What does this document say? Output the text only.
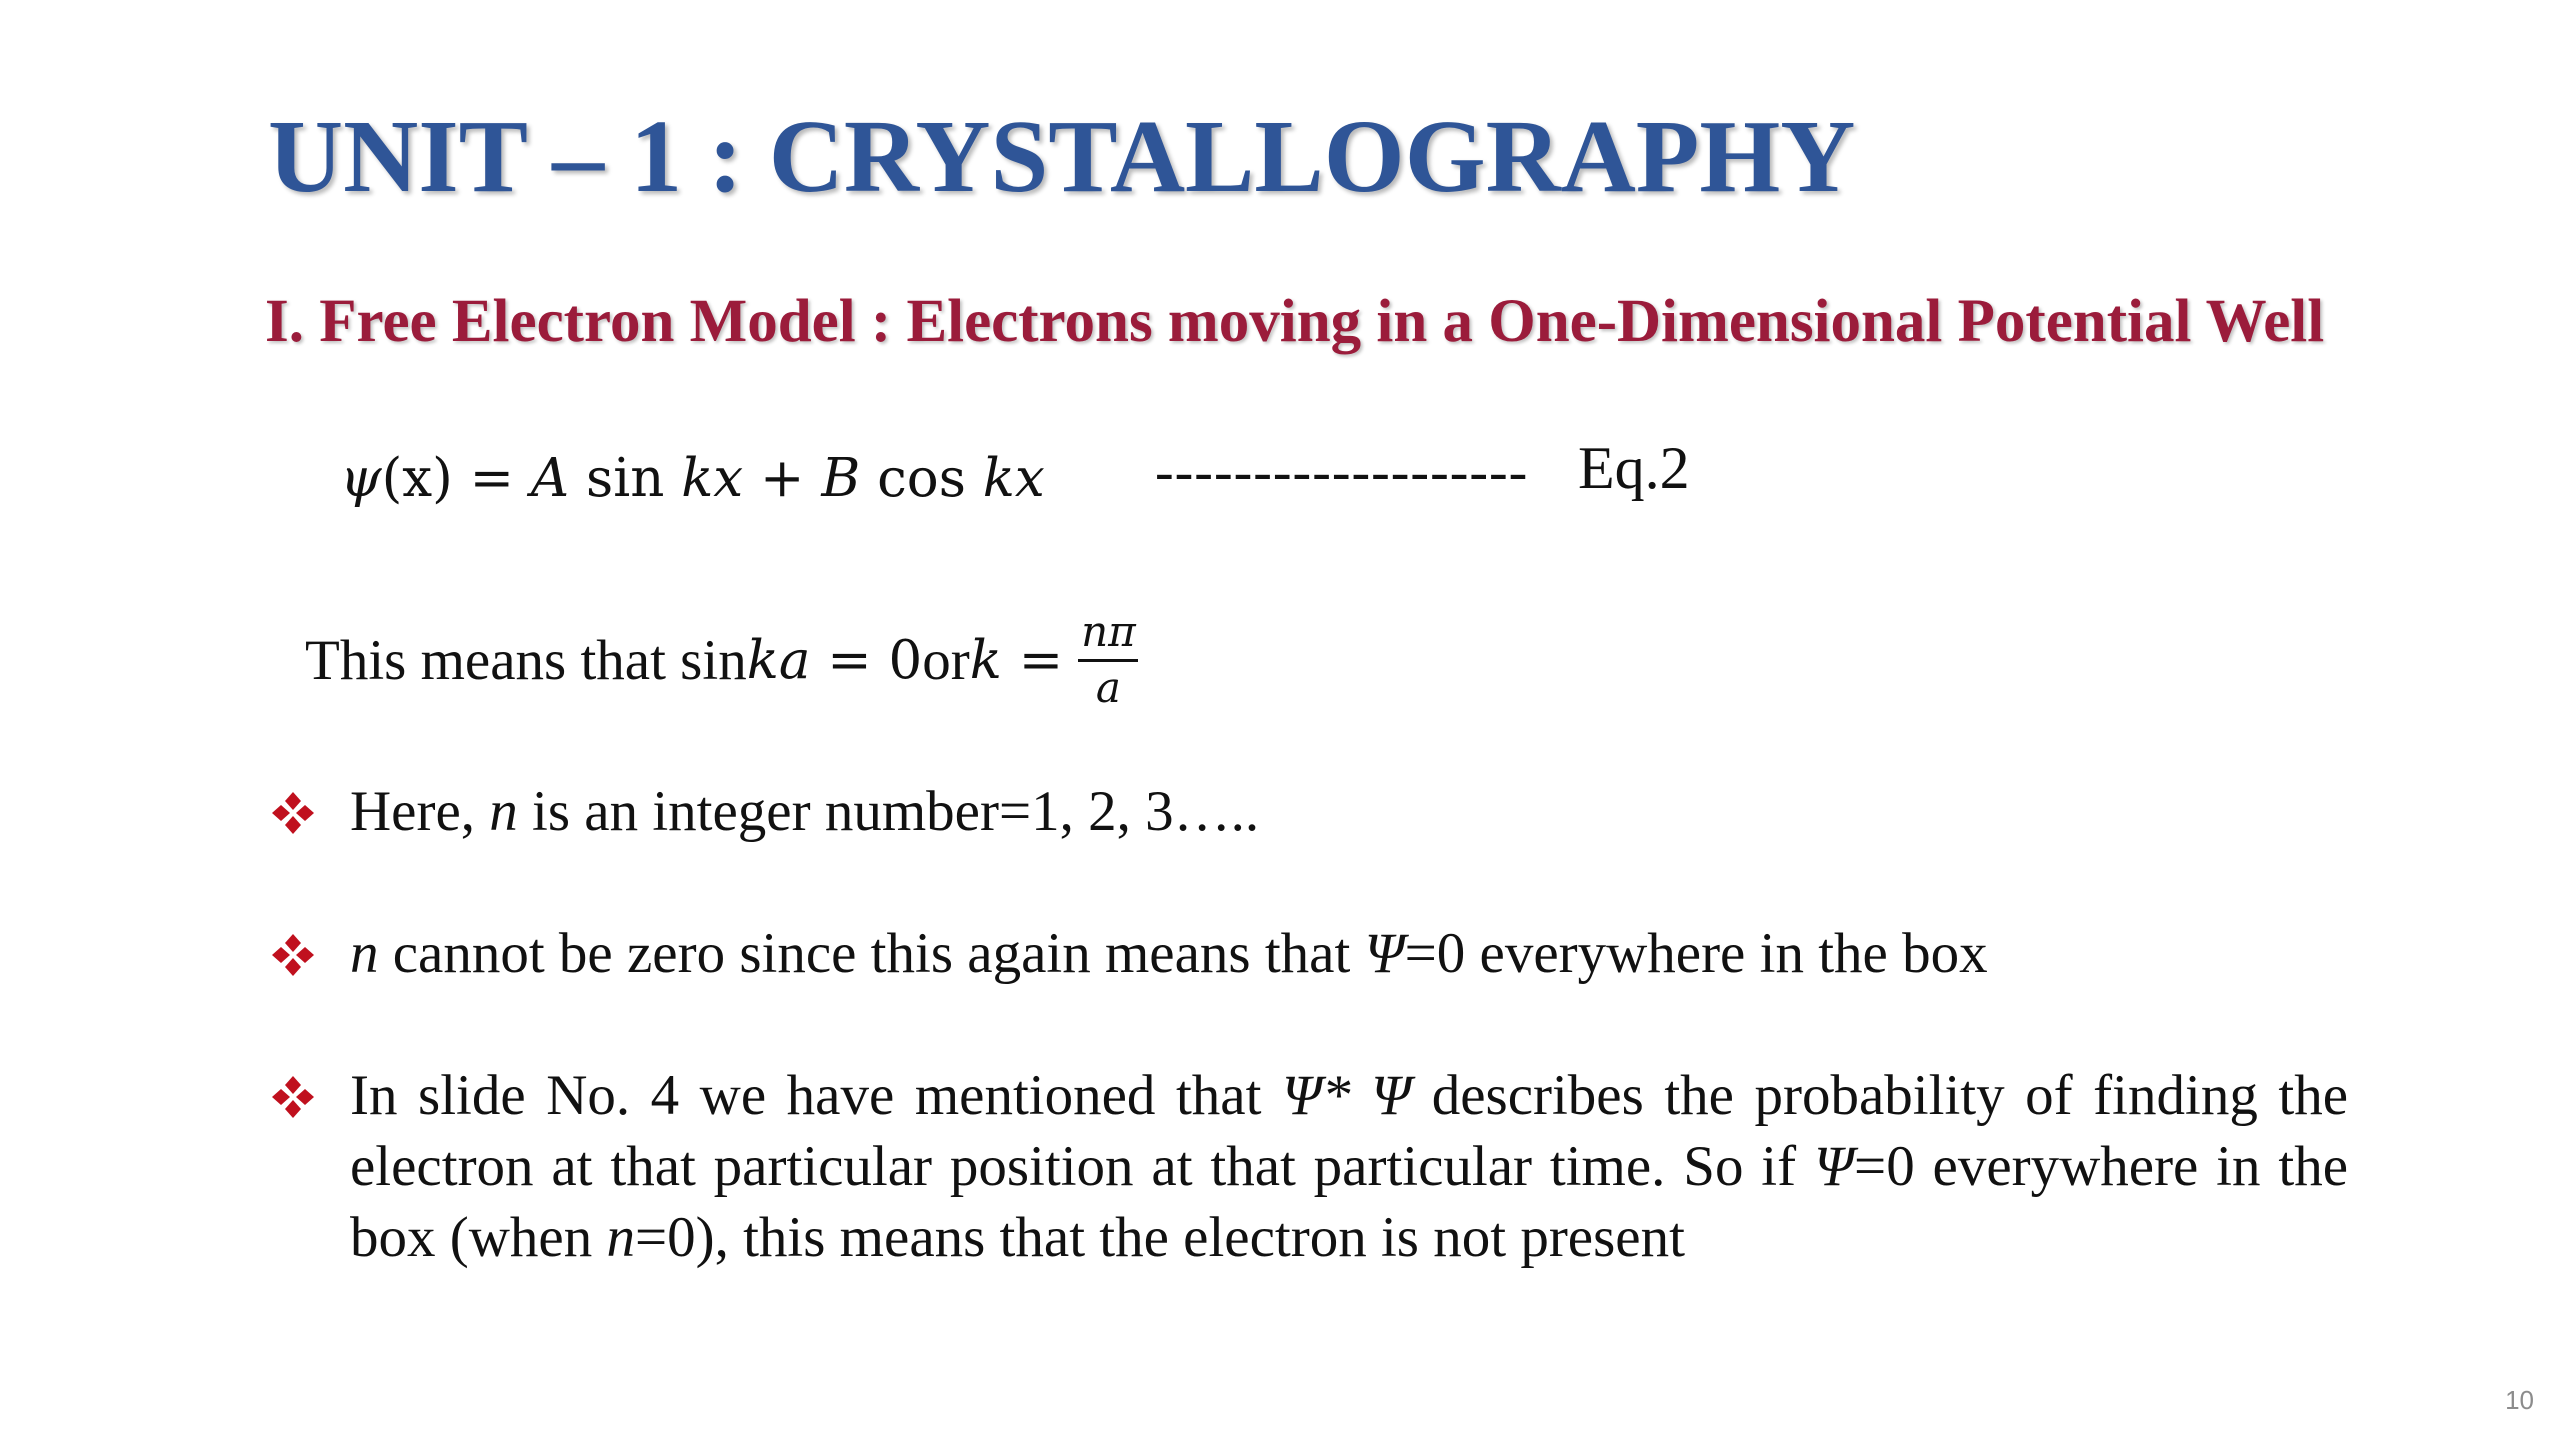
UNIT – 1 : CRYSTALLOGRAPHY
I. Free Electron Model : Electrons moving in a One-Dimensional Potential Well
ψ(x) = A sin kx + B cos kx ------------------- Eq.2
This means that sin ka = 0 or $k = \frac{n\pi}{a}$
Here, n is an integer number=1, 2, 3…..
n cannot be zero since this again means that Ψ=0 everywhere in the box
In slide No. 4 we have mentioned that Ψ* Ψ describes the probability of finding the electron at that particular position at that particular time. So if Ψ=0 everywhere in the box (when n=0), this means that the electron is not present
10
